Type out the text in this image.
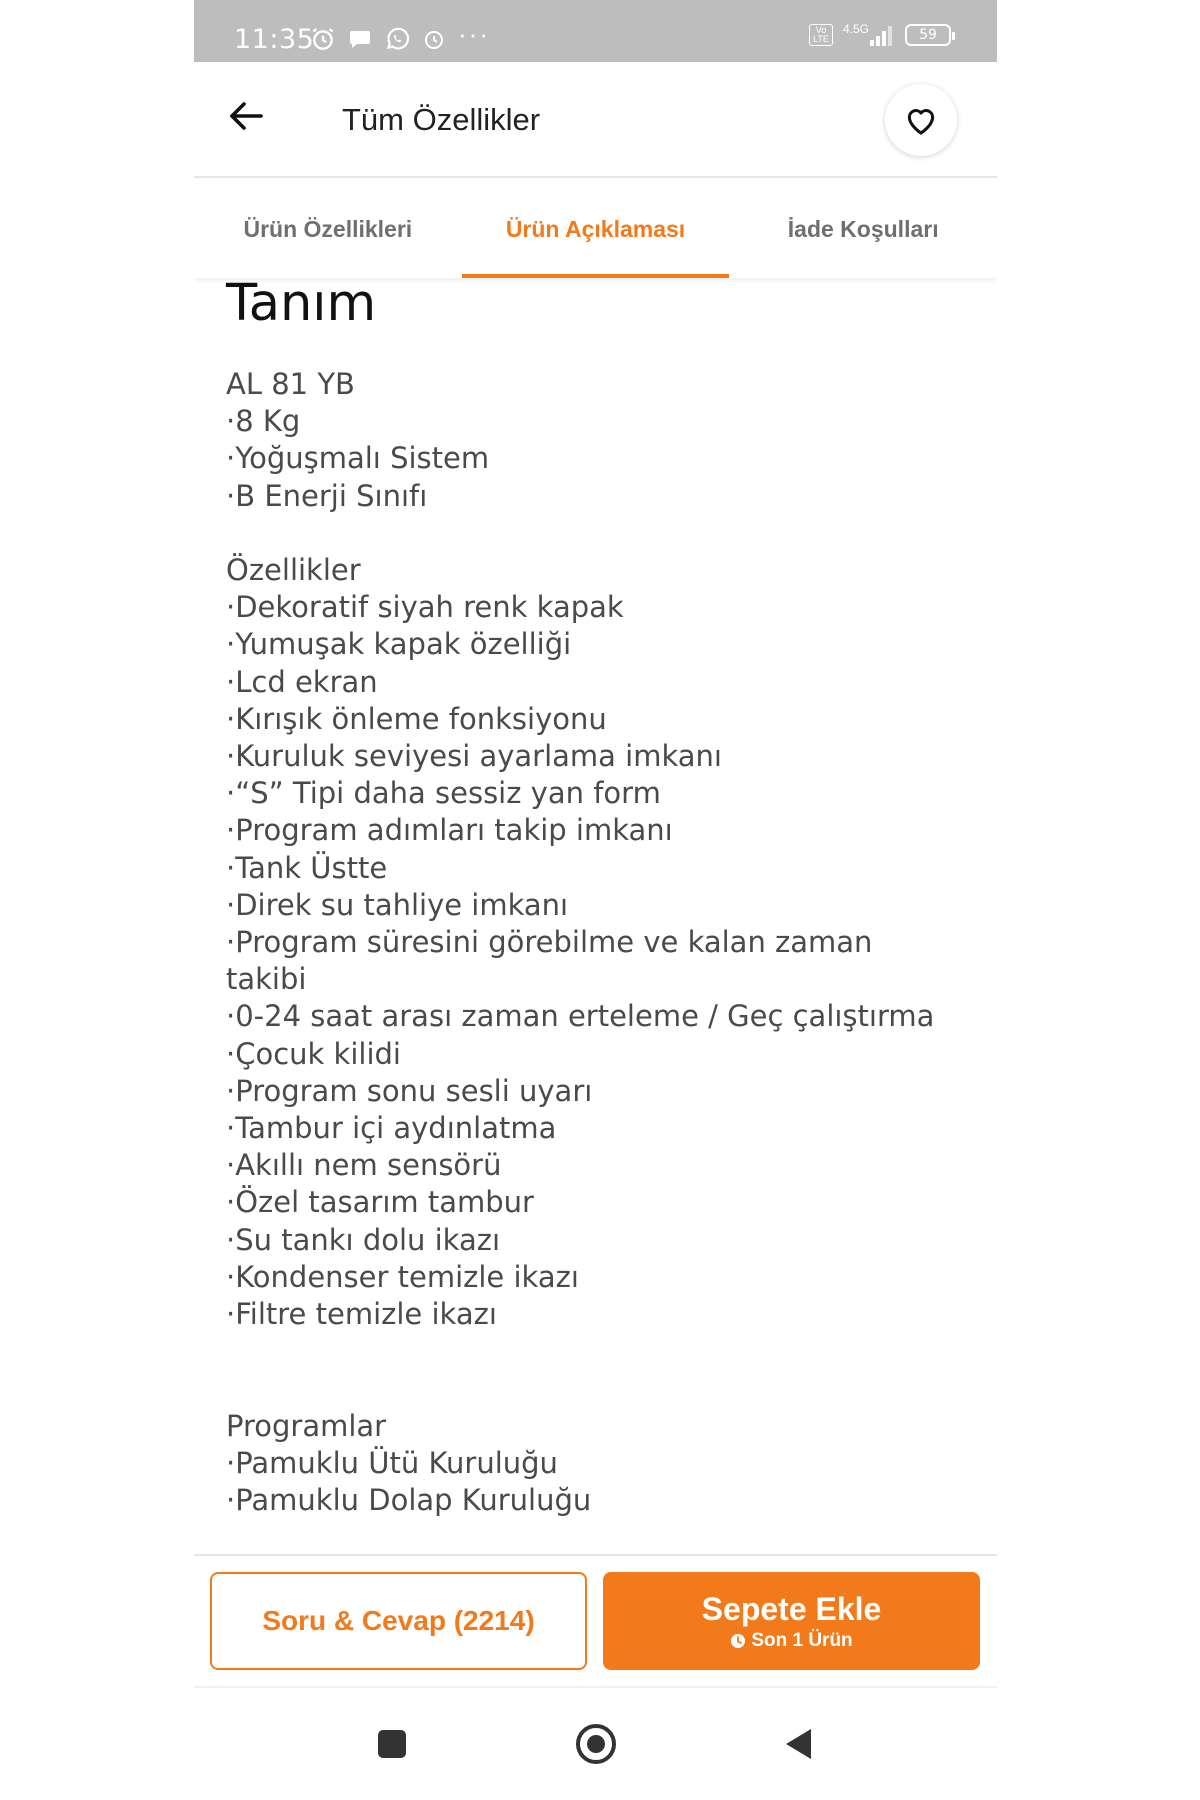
11:35	···	Vo LTE
4.5G	59
Tüm Özellikler
Ürün Özellikleri	Ürün Açıklaması	İade Koşulları
Tanım
AL 81 YB
·8 Kg
·Yoğuşmalı Sistem
·B Enerji Sınıfı

Özellikler
·Dekoratif siyah renk kapak
·Yumuşak kapak özelliği
·Lcd ekran
·Kırışık önleme fonksiyonu
·Kuruluk seviyesi ayarlama imkanı
·“S” Tipi daha sessiz yan form
·Program adımları takip imkanı
·Tank Üstte
·Direk su tahliye imkanı
·Program süresini görebilme ve kalan zaman takibi
·0-24 saat arası zaman erteleme / Geç çalıştırma
·Çocuk kilidi
·Program sonu sesli uyarı
·Tambur içi aydınlatma
·Akıllı nem sensörü
·Özel tasarım tambur
·Su tankı dolu ikazı
·Kondenser temizle ikazı
·Filtre temizle ikazı

Programlar
·Pamuklu Ütü Kuruluğu
·Pamuklu Dolap Kuruluğu
Soru & Cevap (2214)	Sepete Ekle
Son 1 Ürün
